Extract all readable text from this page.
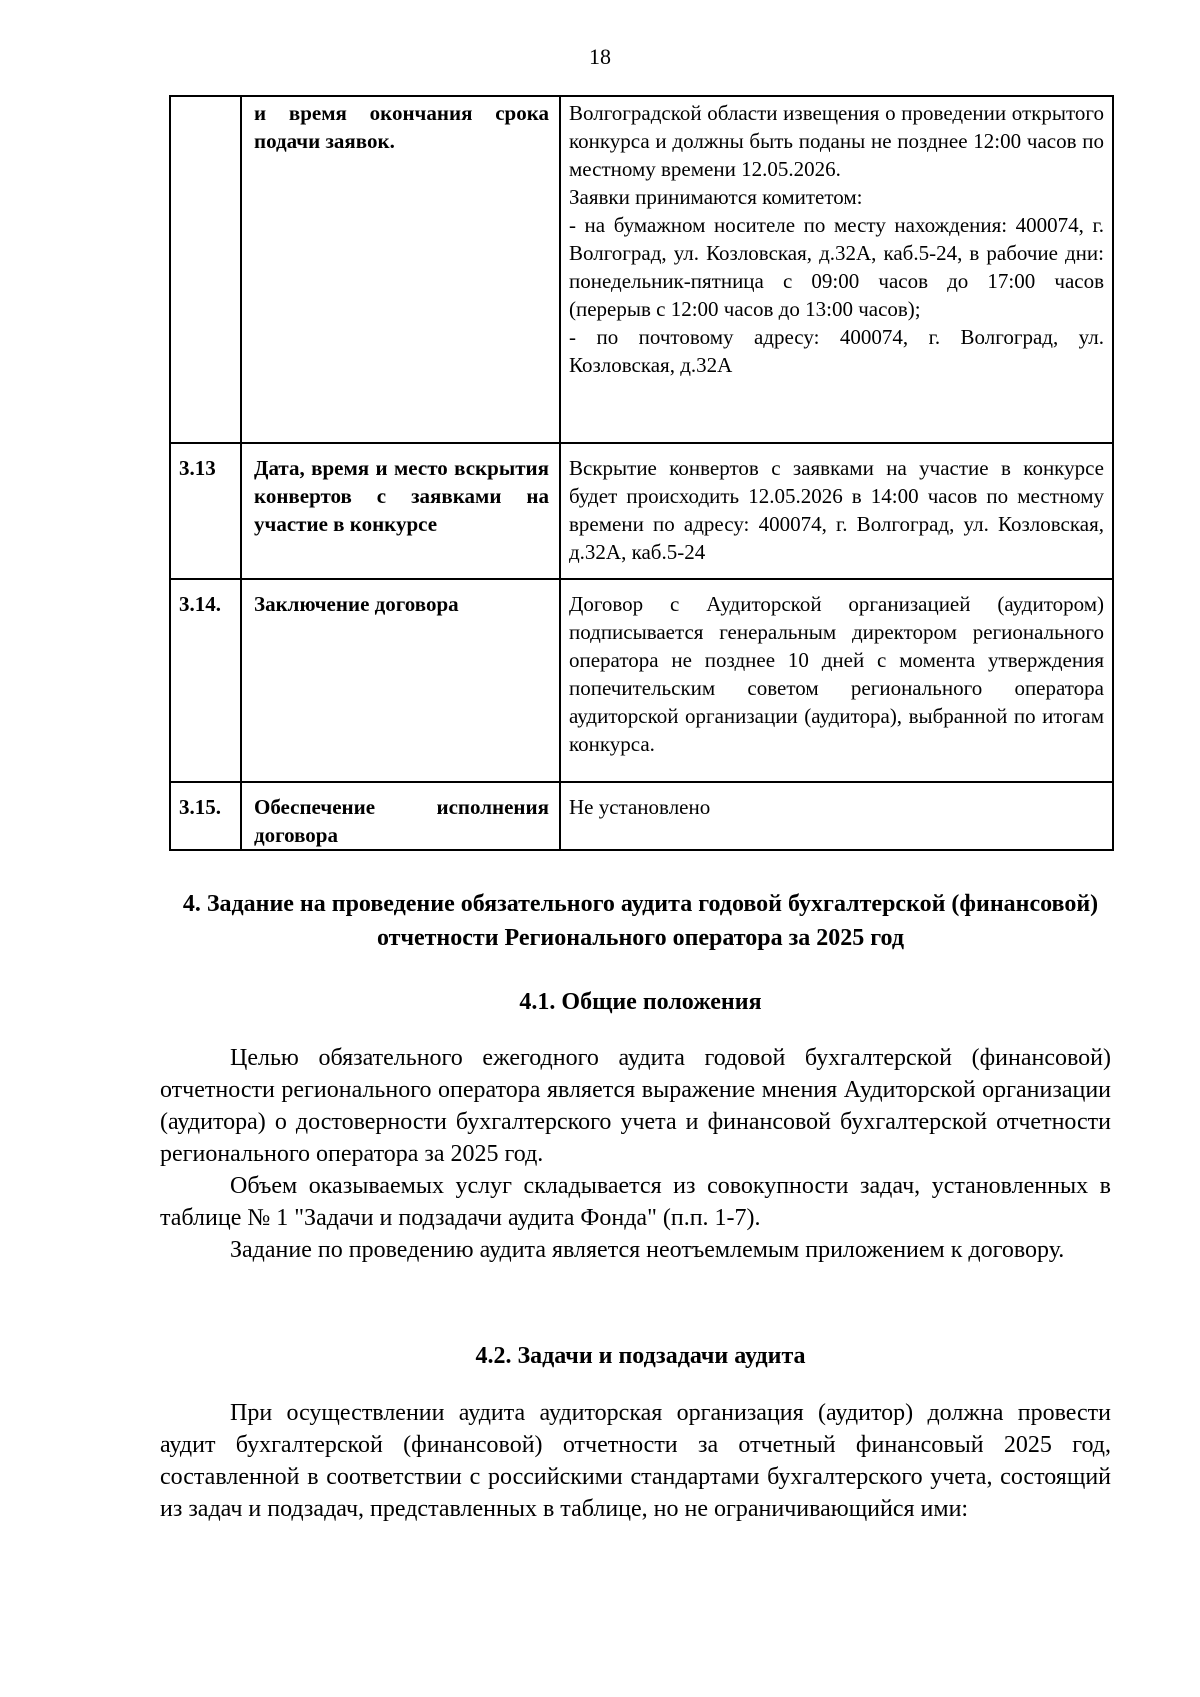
18
	и время окончания срока подачи заявок.	Волгоградской области извещения о проведении открытого конкурса и должны быть поданы не позднее 12:00 часов по местному времени 12.05.2026.

Заявки принимаются комитетом:

- на бумажном носителе по месту нахождения: 400074, г. Волгоград, ул. Козловская, д.32А, каб.5-24, в рабочие дни: понедельник-пятница с 09:00 часов до 17:00 часов (перерыв с 12:00 часов до 13:00 часов);

- по почтовому адресу: 400074, г. Волгоград, ул. Козловская, д.32А

3.13	Дата, время и место вскрытия конвертов с заявками на участие в конкурсе	Вскрытие конвертов с заявками на участие в конкурсе будет происходить 12.05.2026 в 14:00 часов по местному времени по адресу: 400074, г. Волгоград, ул. Козловская, д.32А, каб.5-24

3.14.	Заключение договора	Договор с Аудиторской организацией (аудитором) подписывается генеральным директором регионального оператора не позднее 10 дней с момента утверждения попечительским советом регионального оператора аудиторской организации (аудитора), выбранной по итогам конкурса.

3.15.	Обеспечение исполнения договора	Не установлено

4. Задание на проведение обязательного аудита годовой бухгалтерской (финансовой) отчетности Регионального оператора за 2025 год
4.1. Общие положения

Целью обязательного ежегодного аудита годовой бухгалтерской (финансовой) отчетности регионального оператора является выражение мнения Аудиторской организации (аудитора) о достоверности бухгалтерского учета и финансовой бухгалтерской отчетности регионального оператора за 2025 год.

Объем оказываемых услуг складывается из совокупности задач, установленных в таблице № 1 "Задачи и подзадачи аудита Фонда" (п.п. 1-7).

Задание по проведению аудита является неотъемлемым приложением к договору.

4.2. Задачи и подзадачи аудита

При осуществлении аудита аудиторская организация (аудитор) должна провести аудит бухгалтерской (финансовой) отчетности за отчетный финансовый 2025 год, составленной в соответствии с российскими стандартами бухгалтерского учета, состоящий из задач и подзадач, представленных в таблице, но не ограничивающийся ими:
